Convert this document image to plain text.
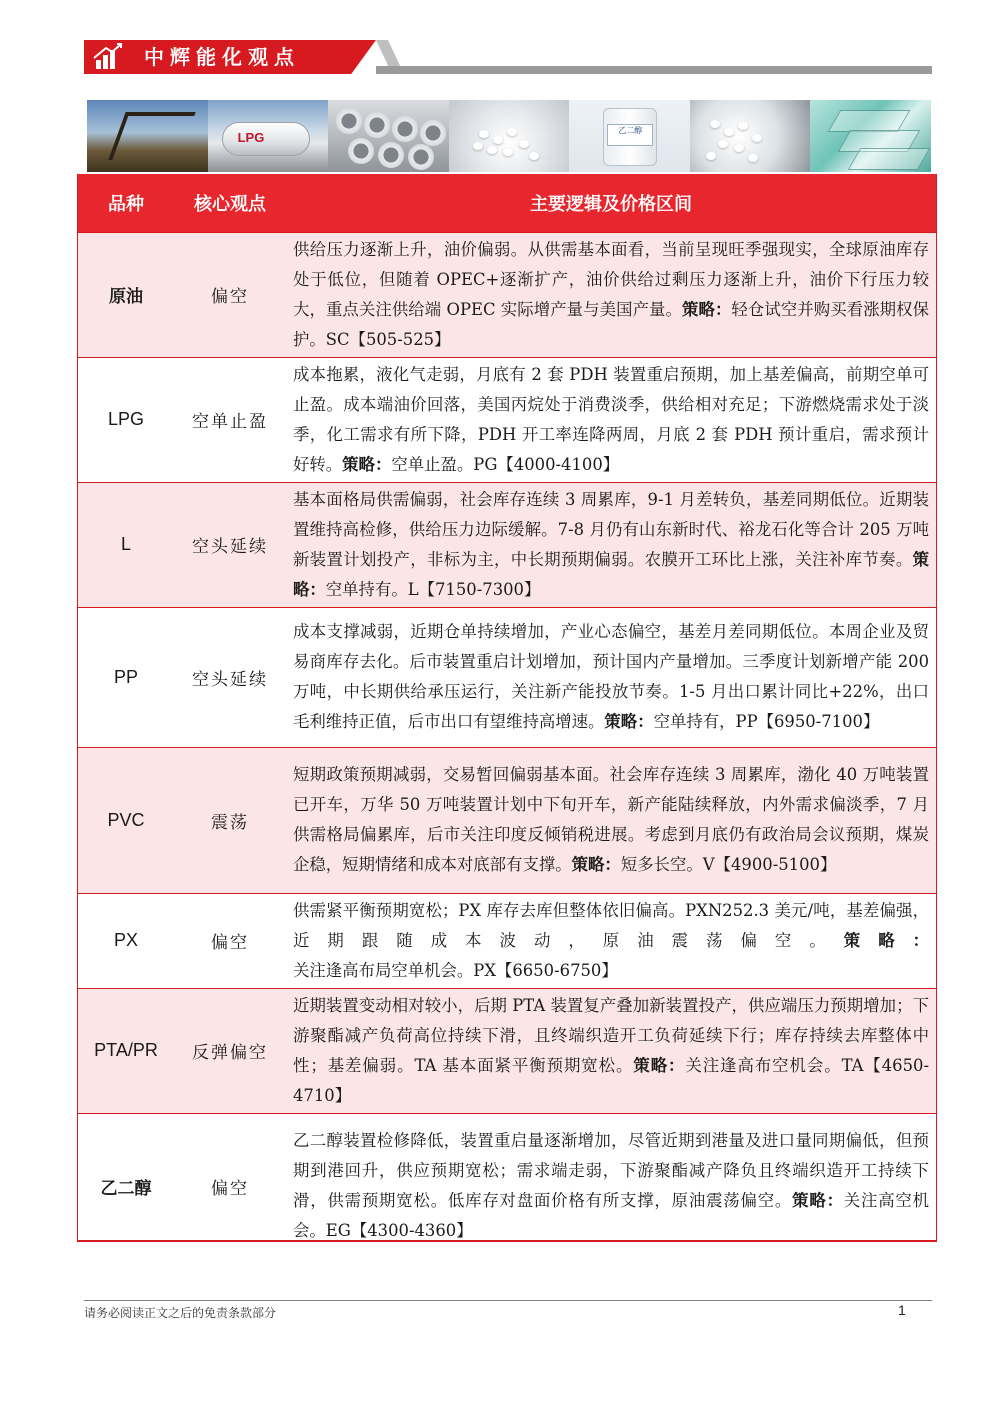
中辉能化观点
LPG	乙二醇
品种	核心观点	主要逻辑及价格区间
原油	偏空	供给压力逐渐上升，油价偏弱。从供需基本面看，当前呈现旺季强现实，全球原油库存处于低位，但随着 OPEC+逐渐扩产，油价供给过剩压力逐渐上升，油价下行压力较大，重点关注供给端 OPEC 实际增产量与美国产量。策略：轻仓试空并购买看涨期权保护。SC【505-525】
LPG	空单止盈	成本拖累，液化气走弱，月底有 2 套 PDH 装置重启预期，加上基差偏高，前期空单可止盈。成本端油价回落，美国丙烷处于消费淡季，供给相对充足；下游燃烧需求处于淡季，化工需求有所下降，PDH 开工率连降两周，月底 2 套 PDH 预计重启，需求预计好转。策略：空单止盈。PG【4000-4100】
L	空头延续	基本面格局供需偏弱，社会库存连续 3 周累库，9-1 月差转负，基差同期低位。近期装置维持高检修，供给压力边际缓解。7-8 月仍有山东新时代、裕龙石化等合计 205 万吨新装置计划投产，非标为主，中长期预期偏弱。农膜开工环比上涨，关注补库节奏。策略：空单持有。L【7150-7300】
PP	空头延续	成本支撑减弱，近期仓单持续增加，产业心态偏空，基差月差同期低位。本周企业及贸易商库存去化。后市装置重启计划增加，预计国内产量增加。三季度计划新增产能 200 万吨，中长期供给承压运行，关注新产能投放节奏。1-5 月出口累计同比+22%，出口毛利维持正值，后市出口有望维持高增速。策略：空单持有，PP【6950-7100】
PVC	震荡	短期政策预期减弱，交易暂回偏弱基本面。社会库存连续 3 周累库，渤化 40 万吨装置已开车，万华 50 万吨装置计划中下旬开车，新产能陆续释放，内外需求偏淡季，7 月供需格局偏累库，后市关注印度反倾销税进展。考虑到月底仍有政治局会议预期，煤炭企稳，短期情绪和成本对底部有支撑。策略：短多长空。V【4900-5100】
PX	偏空	供需紧平衡预期宽松；PX 库存去库但整体依旧偏高。PXN252.3 美元/吨，基差偏强，近期跟随成本波动，原油震荡偏空。策略：关注逢高布局空单机会。PX【6650-6750】
PTA/PR	反弹偏空	近期装置变动相对较小，后期 PTA 装置复产叠加新装置投产，供应端压力预期增加；下游聚酯减产负荷高位持续下滑，且终端织造开工负荷延续下行；库存持续去库整体中性；基差偏弱。TA 基本面紧平衡预期宽松。策略：关注逢高布空机会。TA【4650-4710】
乙二醇	偏空	乙二醇装置检修降低，装置重启量逐渐增加，尽管近期到港量及进口量同期偏低，但预期到港回升，供应预期宽松；需求端走弱，下游聚酯减产降负且终端织造开工持续下滑，供需预期宽松。低库存对盘面价格有所支撑，原油震荡偏空。策略：关注高空机会。EG【4300-4360】
请务必阅读正文之后的免责条款部分	1
